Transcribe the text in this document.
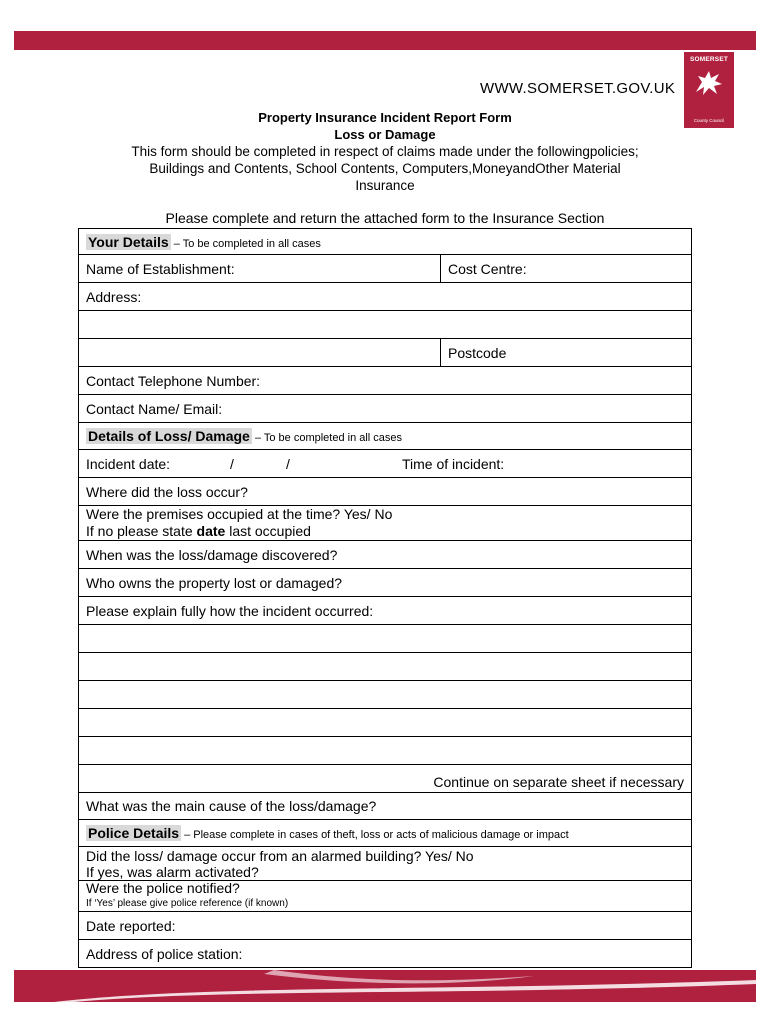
SOMERSET
County Council
WWW.SOMERSET.GOV.UK
Property Insurance Incident Report Form
Loss or Damage
This form should be completed in respect of claims made under the followingpolicies;
Buildings and Contents, School Contents, Computers,MoneyandOther Material
Insurance
Please complete and return the attached form to the Insurance Section
Your Details – To be completed in all cases	
Name of Establishment:	Cost Centre:
Address:	

	Postcode
Contact Telephone Number:	
Contact Name/ Email:	
Details of Loss/ Damage – To be completed in all cases	
Incident date: / / Time of incident:	

Where did the loss occur?	

Were the premises occupied at the time? Yes/ No
If no please state date last occupied	

When was the loss/damage discovered?	
Who owns the property lost or damaged?	
Please explain fully how the incident occurred:	

Continue on separate sheet if necessary	
What was the main cause of the loss/damage?	
Police Details – Please complete in cases of theft, loss or acts of malicious damage or impact	

Did the loss/ damage occur from an alarmed building? Yes/ No
If yes, was alarm activated?	

Were the police notified?
If ‘Yes’ please give police reference (if known)	

Date reported:	
Address of police station:	
